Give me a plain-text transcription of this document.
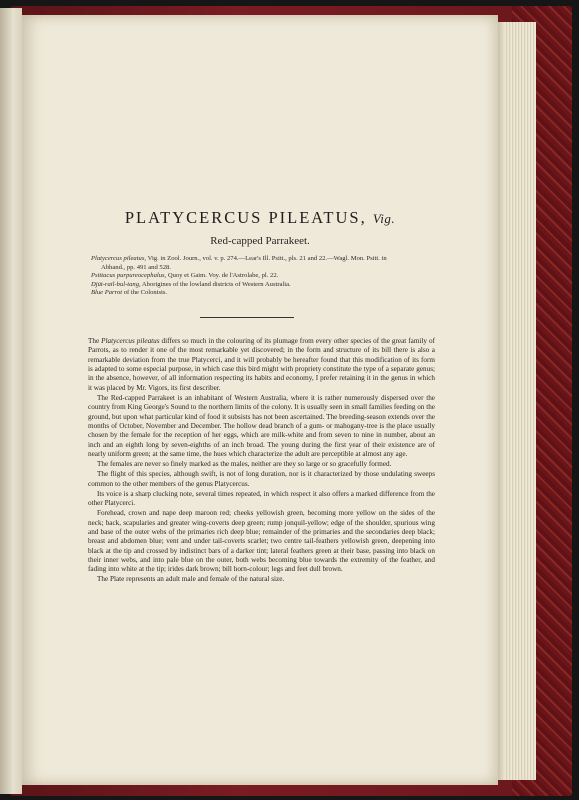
PLATYCERCUS PILEATUS, Vig.
Red-capped Parrakeet.

Platycercus pileatus, Vig. in Zool. Journ., vol. v. p. 274.—Lear's Ill. Psitt., pls. 21 and 22.—Wagl. Mon. Psitt. in

Abhand., pp. 491 and 528.

Psittacus purpureocephalus, Quoy et Gaim. Voy. de l'Astrolabe, pl. 22.

Djūt-rail-bul-tang, Aborigines of the lowland districts of Western Australia.

Blue Parrot of the Colonists.

The Platycercus pileatus differs so much in the colouring of its plumage from every other species of the great family of Parrots, as to render it one of the most remarkable yet discovered; in the form and structure of its bill there is also a remarkable deviation from the true Platycerci, and it will probably be hereafter found that this modification of its form is adapted to some especial purpose, in which case this bird might with propriety constitute the type of a separate genus; in the absence, however, of all information respecting its habits and economy, I prefer retaining it in the genus in which it was placed by Mr. Vigors, its first describer.

The Red-capped Parrakeet is an inhabitant of Western Australia, where it is rather numerously dispersed over the country from King George's Sound to the northern limits of the colony. It is usually seen in small families feeding on the ground, but upon what particular kind of food it subsists has not been ascertained. The breeding-season extends over the months of October, November and December. The hollow dead branch of a gum- or mahogany-tree is the place usually chosen by the female for the reception of her eggs, which are milk-white and from seven to nine in number, about an inch and an eighth long by seven-eighths of an inch broad. The young during the first year of their existence are of nearly uniform green; at the same time, the hues which characterize the adult are perceptible at almost any age.

The females are never so finely marked as the males, neither are they so large or so gracefully formed.

The flight of this species, although swift, is not of long duration, nor is it characterized by those undulating sweeps common to the other members of the genus Platycercus.

Its voice is a sharp clucking note, several times repeated, in which respect it also offers a marked difference from the other Platycerci.

Forehead, crown and nape deep maroon red; cheeks yellowish green, becoming more yellow on the sides of the neck; back, scapularies and greater wing-coverts deep green; rump jonquil-yellow; edge of the shoulder, spurious wing and base of the outer webs of the primaries rich deep blue; remainder of the primaries and the secondaries deep black; breast and abdomen blue; vent and under tail-coverts scarlet; two centre tail-feathers yellowish green, deepening into black at the tip and crossed by indistinct bars of a darker tint; lateral feathers green at their base, passing into black on their inner webs, and into pale blue on the outer, both webs becoming blue towards the extremity of the feather, and fading into white at the tip; irides dark brown; bill horn-colour; legs and feet dull brown.

The Plate represents an adult male and female of the natural size.
